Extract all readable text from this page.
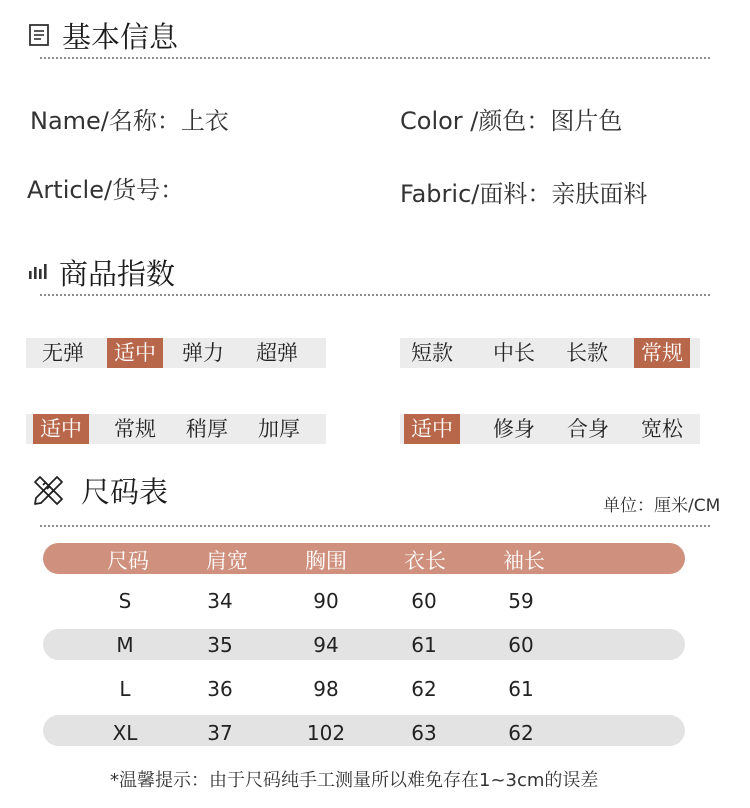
基本信息
Name/名称：上衣	Color /颜色：图片色
Article/货号：	Fabric/面料：亲肤面料
商品指数
无弹	适中	弹力	超弹	短款	中长	长款	常规
适中	常规	稍厚	加厚	适中	修身	合身	宽松
尺码表	单位：厘米/CM
尺码	肩宽	胸围	衣长	袖长
S	34	90	60	59
M	35	94	61	60
L	36	98	62	61
XL	37	102	63	62
*温馨提示：由于尺码纯手工测量所以难免存在1~3cm的误差
